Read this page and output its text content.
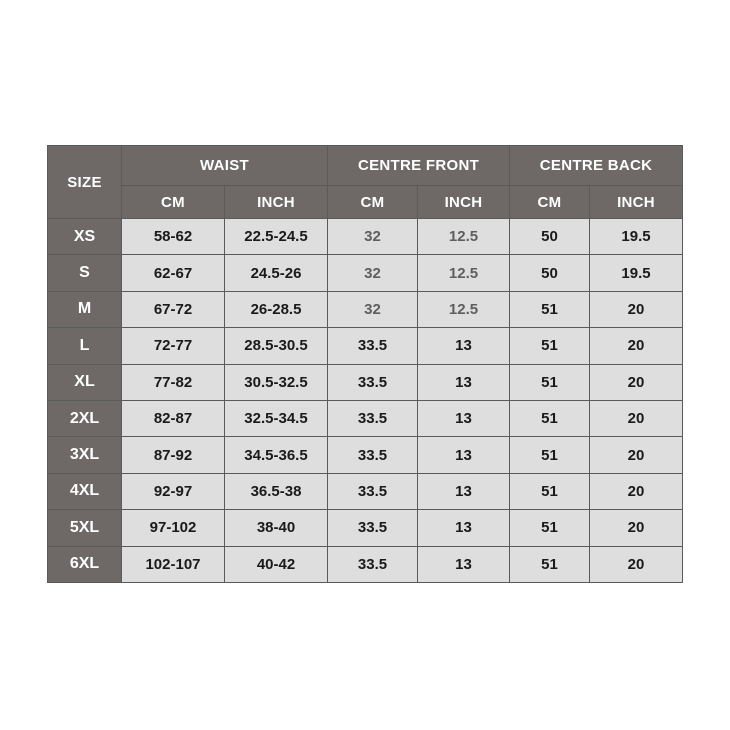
SIZE	WAIST		CENTRE FRONT		CENTRE BACK	
	CM	INCH	CM	INCH	CM	INCH
XS	58-62	22.5-24.5	32	12.5	50	19.5
S	62-67	24.5-26	32	12.5	50	19.5
M	67-72	26-28.5	32	12.5	51	20
L	72-77	28.5-30.5	33.5	13	51	20
XL	77-82	30.5-32.5	33.5	13	51	20
2XL	82-87	32.5-34.5	33.5	13	51	20
3XL	87-92	34.5-36.5	33.5	13	51	20
4XL	92-97	36.5-38	33.5	13	51	20
5XL	97-102	38-40	33.5	13	51	20
6XL	102-107	40-42	33.5	13	51	20
